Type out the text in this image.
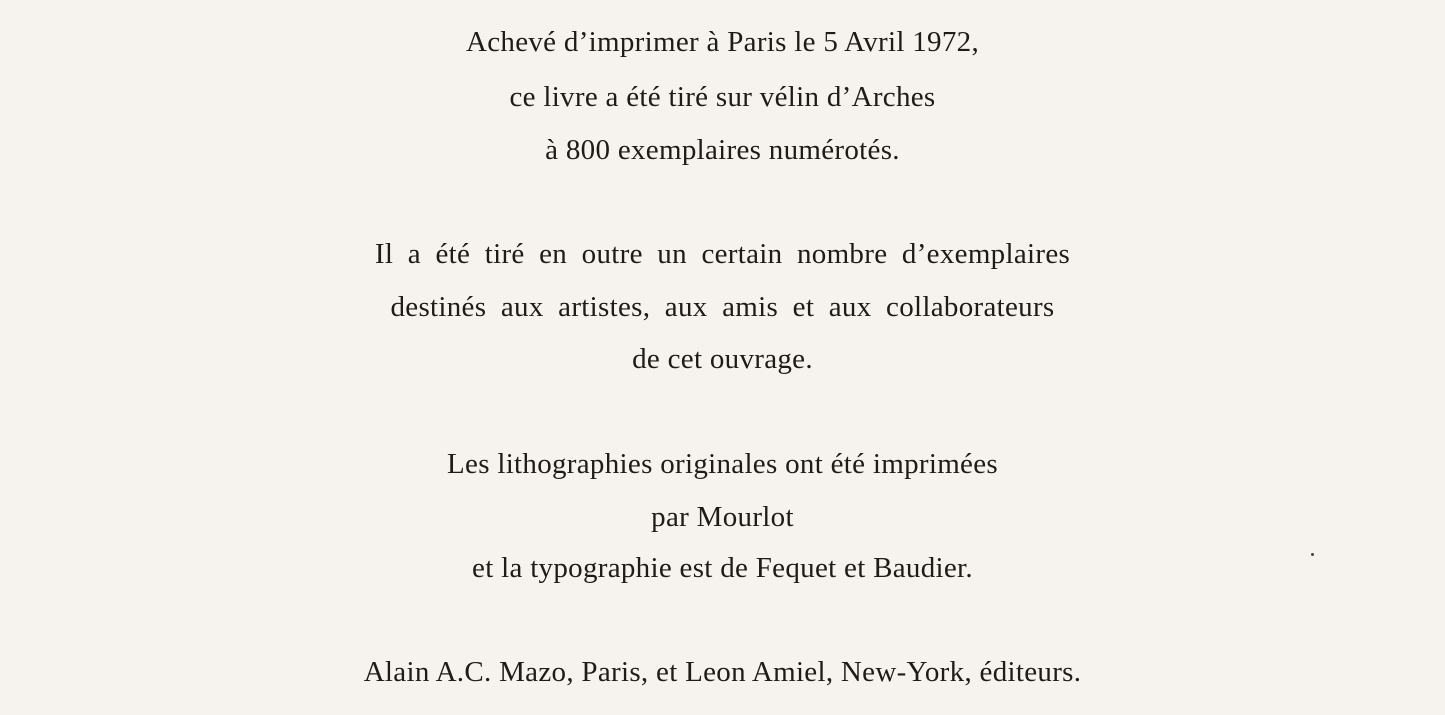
Achevé d’imprimer à Paris le 5 Avril 1972,
ce livre a été tiré sur vélin d’Arches
à 800 exemplaires numérotés.
Il a été tiré en outre un certain nombre d’exemplaires
destinés aux artistes, aux amis et aux collaborateurs
de cet ouvrage.
Les lithographies originales ont été imprimées
par Mourlot
et la typographie est de Fequet et Baudier.
Alain A.C. Mazo, Paris, et Leon Amiel, New-York, éditeurs.
